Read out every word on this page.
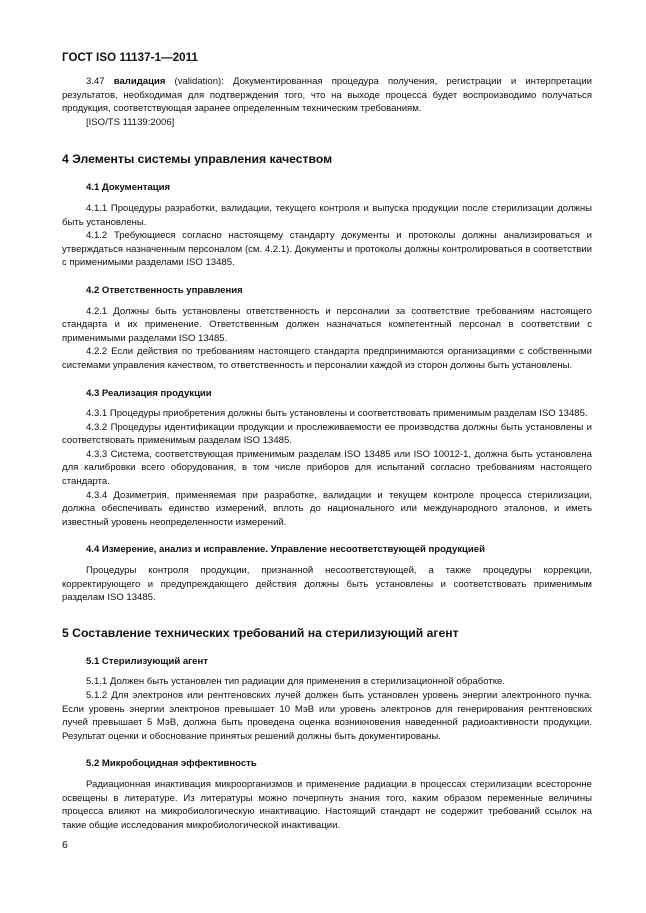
ГОСТ ISO 11137-1—2011

3.47 валидация (validation): Документированная процедура получения, регистрации и интерпретации результатов, необходимая для подтверждения того, что на выходе процесса будет воспроизводимо получаться продукция, соответствующая заранее определенным техническим требованиям.

[ISO/TS 11139:2006]

4 Элементы системы управления качеством
4.1 Документация

4.1.1 Процедуры разработки, валидации, текущего контроля и выпуска продукции после стерилизации должны быть установлены.

4.1.2 Требующиеся согласно настоящему стандарту документы и протоколы должны анализироваться и утверждаться назначенным персоналом (см. 4.2.1). Документы и протоколы должны контролироваться в соответствии с применимыми разделами ISO 13485.

4.2 Ответственность управления

4.2.1 Должны быть установлены ответственность и персоналии за соответствие требованиям настоящего стандарта и их применение. Ответственным должен назначаться компетентный персонал в соответствии с применимыми разделами ISO 13485.

4.2.2 Если действия по требованиям настоящего стандарта предпринимаются организациями с собственными системами управления качеством, то ответственность и персоналии каждой из сторон должны быть установлены.

4.3 Реализация продукции

4.3.1 Процедуры приобретения должны быть установлены и соответствовать применимым разделам ISO 13485.

4.3.2 Процедуры идентификации продукции и прослеживаемости ее производства должны быть установлены и соответствовать применимым разделам ISO 13485.

4.3.3 Система, соответствующая применимым разделам ISO 13485 или ISO 10012-1, должна быть установлена для калибровки всего оборудования, в том числе приборов для испытаний согласно требованиям настоящего стандарта.

4.3.4 Дозиметрия, применяемая при разработке, валидации и текущем контроле процесса стерилизации, должна обеспечивать единство измерений, вплоть до национального или международного эталонов, и иметь известный уровень неопределенности измерений.

4.4 Измерение, анализ и исправление. Управление несоответствующей продукцией

Процедуры контроля продукции, признанной несоответствующей, а также процедуры коррекции, корректирующего и предупреждающего действия должны быть установлены и соответствовать применимым разделам ISO 13485.

5 Составление технических требований на стерилизующий агент
5.1 Стерилизующий агент

5.1.1 Должен быть установлен тип радиации для применения в стерилизационной обработке.

5.1.2 Для электронов или рентгеновских лучей должен быть установлен уровень энергии электронного пучка. Если уровень энергии электронов превышает 10 МэВ или уровень электронов для генерирования рентгеновских лучей превышает 5 МэВ, должна быть проведена оценка возникновения наведенной радиоактивности продукции. Результат оценки и обоснование принятых решений должны быть документированы.

5.2 Микробоцидная эффективность

Радиационная инактивация микроорганизмов и применение радиации в процессах стерилизации всесторонне освещены в литературе. Из литературы можно почерпнуть знания того, каким образом переменные величины процесса влияют на микробиологическую инактивацию. Настоящий стандарт не содержит требований ссылок на такие общие исследования микробиологической инактивации.

6
